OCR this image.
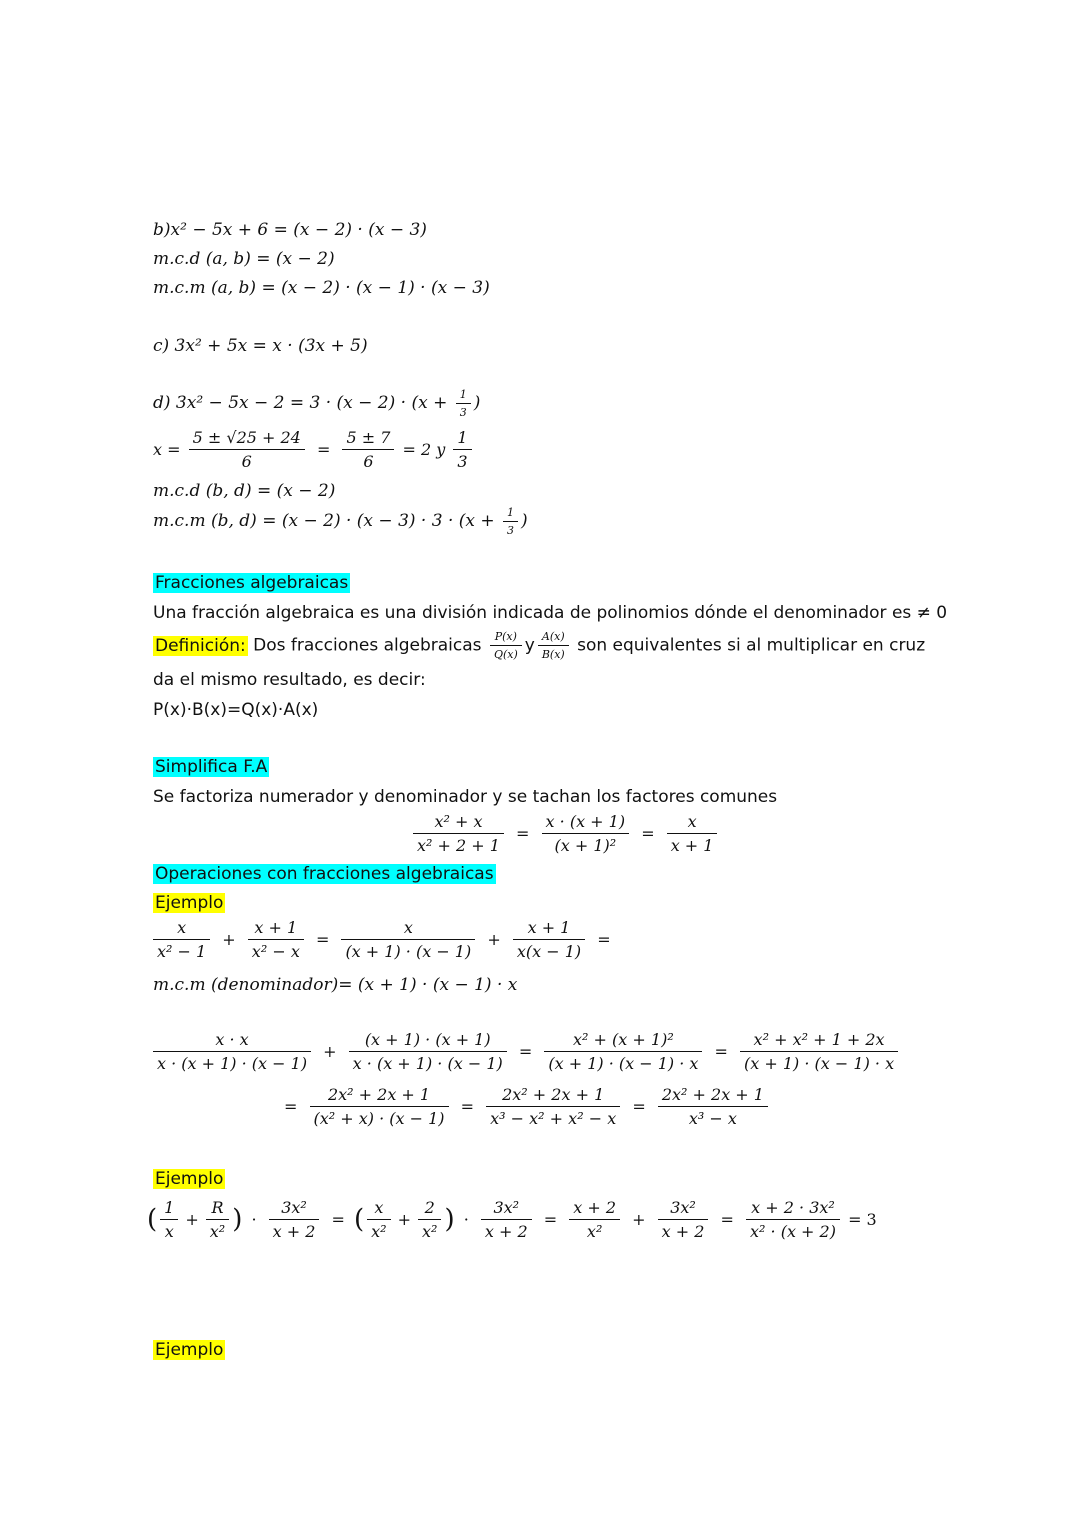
b)x² − 5x + 6 = (x − 2) · (x − 3)
m.c.d (a, b) = (x − 2)
m.c.m (a, b) = (x − 2) · (x − 1) · (x − 3)
c) 3x² + 5x = x · (3x + 5)
d) $3x^2 - 5x - 2 = 3 \cdot (x - 2) \cdot (x + \frac{1}{3}$ )
$x = \frac{5 \pm √25 + 24}{6} = \frac{5 \pm 7}{6} = 2$ y $\frac{1}{3}$
m.c.d (b, d) = (x − 2)
m.c.m (b, $d) = (x - 2) \cdot (x - 3) \cdot 3 \cdot (x + \frac{1}{3}$ )
Fracciones algebraicas
Una fracción algebraica es una división indicada de polinomios dónde el denominador es ≠ 0
Definición: Dos fracciones algebraicas $\frac{P(x)}{Q(x)}$ y $\frac{A(x)}{B(x)}$ son equivalentes si al multiplicar en cruz
da el mismo resultado, es decir:
P(x)·B(x)=Q(x)·A(x)
Simplifica F.A
Se factoriza numerador y denominador y se tachan los factores comunes
$\frac{\text{x² + x}}{\text{x² + 2 + 1}} = \frac{x \cdot (x + 1)}{\text{(x + 1)²}} = \frac{x}{x + 1}$
Operaciones con fracciones algebraicas
Ejemplo
$\frac{x}{\text{x² − 1}} + \frac{x + 1}{\text{x² − x}} = \frac{x}{(x + 1) \cdot (x - 1)} + \frac{x + 1}{x(x - 1)}$ =
m.c.m (denominador)= (x + 1) · (x − 1) · x
$\frac{x \cdot x}{x \cdot (x + 1) \cdot (x - 1)} + \frac{(x + 1) \cdot (x + 1)}{x \cdot (x + 1) \cdot (x - 1)} = \frac{\text{x² + (x + 1)²}}{(x + 1) \cdot (x - 1) \cdot x} = \frac{\text{x² + x² + 1 + 2x}}{(x + 1) \cdot (x - 1) \cdot x}$
= $\frac{\text{2x² + 2x + 1}}{\text{(x² + x) · (x − 1)}} = \frac{\text{2x² + 2x + 1}}{\text{x³ − x² + x² − x}} = \frac{\text{2x² + 2x + 1}}{\text{x³ − x}}$
Ejemplo
( $\frac{1}{x} + \frac{R}{\text{x²}}$ ) · $\frac{\text{3x²}}{x + 2}$ = ( $\frac{x}{\text{x²}} + \frac{2}{\text{x²}}$ ) · $\frac{\text{3x²}}{x + 2} = \frac{x + 2}{\text{x²}} + \frac{\text{3x²}}{x + 2} = \frac{\text{x + 2 · 3x²}}{\text{x² · (x + 2)}} = 3$
Ejemplo
